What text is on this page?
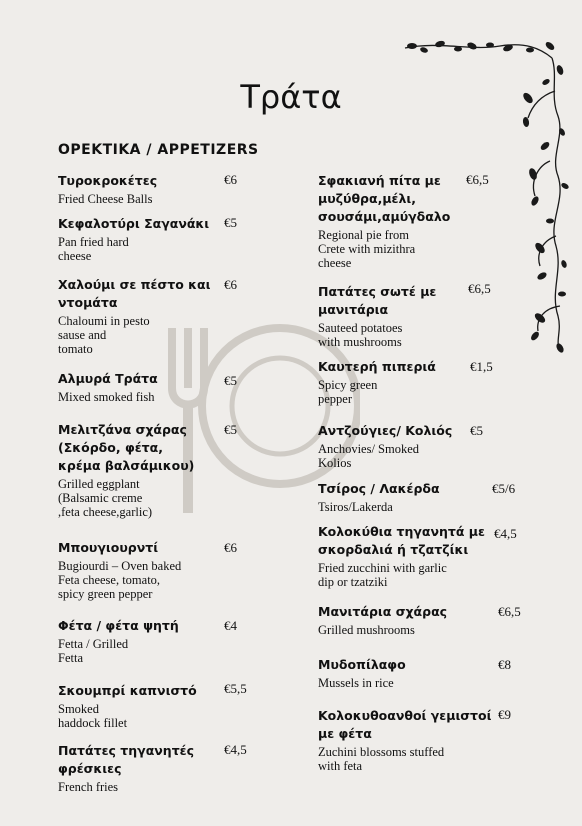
Τράτα
OPEKTIKA / APPETIZERS
Τυροκροκέτες
Fried Cheese Balls
€6
Κεφαλοτύρι Σαγανάκι
Pan fried hard
cheese
€5
Χαλούμι σε πέστο και
ντομάτα
Chaloumi in pesto
sause and
tomato
€6
Αλμυρά Τράτα
Mixed smoked fish
€5
Μελιτζάνα σχάρας
(Σκόρδο, φέτα,
κρέμα βαλσάμικου)
Grilled eggplant
(Balsamic creme
,feta cheese,garlic)
€5
Μπουγιουρντί
Bugiourdi – Oven baked
Feta cheese, tomato,
spicy green pepper
€6
Φέτα / φέτα ψητή
Fetta / Grilled
Fetta
€4
Σκουμπρί καπνιστό
Smoked
haddock fillet
€5,5
Πατάτες τηγανητές
φρέσκιες
French fries
€4,5
Σφακιανή πίτα με
μυζύθρα,μέλι,
σουσάμι,αμύγδαλο
Regional pie from
Crete with mizithra
cheese
€6,5
Πατάτες σωτέ με
μανιτάρια
Sauteed potatoes
with mushrooms
€6,5
Καυτερή πιπεριά
Spicy green
pepper
€1,5
Αντζούγιες/ Κολιός
Anchovies/ Smoked
Kolios
€5
Τσίρος / Λακέρδα
Tsiros/Lakerda
€5/6
Κολοκύθια τηγανητά με
σκορδαλιά ή τζατζίκι
Fried zucchini with garlic
dip or tzatziki
€4,5
Μανιτάρια σχάρας
Grilled mushrooms
€6,5
Μυδοπίλαφο
Mussels in rice
€8
Κολοκυθοανθοί γεμιστοί
με φέτα
Zuchini blossoms stuffed
with feta
€9
